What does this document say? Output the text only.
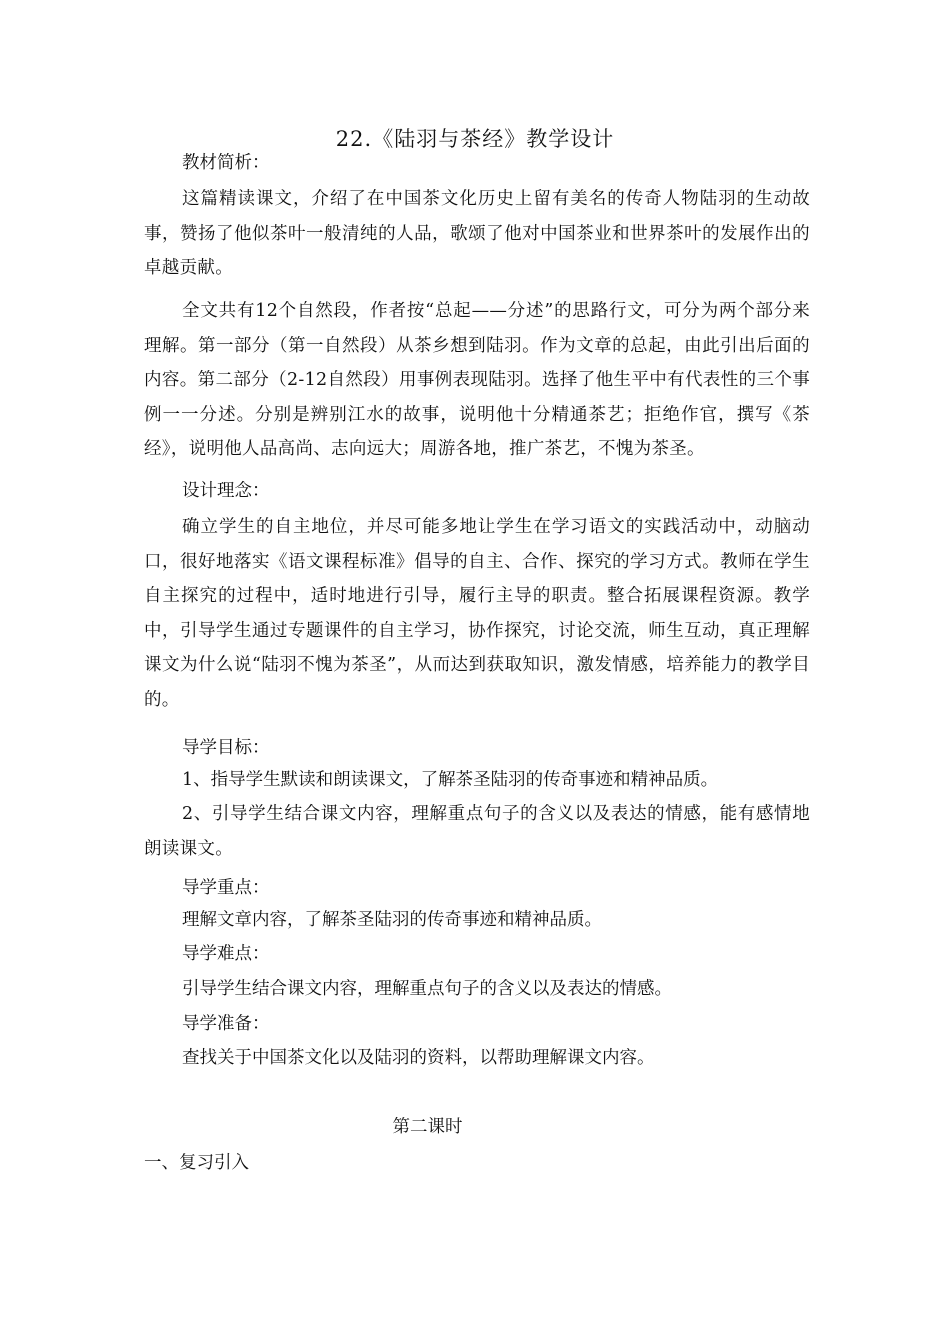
22.《陆羽与茶经》教学设计
教材简析：
这篇精读课文，介绍了在中国茶文化历史上留有美名的传奇人物陆羽的生动故事，赞扬了他似茶叶一般清纯的人品，歌颂了他对中国茶业和世界茶叶的发展作出的卓越贡献。
全文共有12个自然段，作者按“总起——分述”的思路行文，可分为两个部分来理解。第一部分（第一自然段）从茶乡想到陆羽。作为文章的总起，由此引出后面的内容。第二部分（2-12自然段）用事例表现陆羽。选择了他生平中有代表性的三个事例一一分述。分别是辨别江水的故事，说明他十分精通茶艺；拒绝作官，撰写《茶经》，说明他人品高尚、志向远大；周游各地，推广茶艺，不愧为茶圣。
设计理念：
确立学生的自主地位，并尽可能多地让学生在学习语文的实践活动中，动脑动口，很好地落实《语文课程标准》倡导的自主、合作、探究的学习方式。教师在学生自主探究的过程中，适时地进行引导，履行主导的职责。整合拓展课程资源。教学中，引导学生通过专题课件的自主学习，协作探究，讨论交流，师生互动，真正理解课文为什么说“陆羽不愧为茶圣”，从而达到获取知识，激发情感，培养能力的教学目的。
导学目标：
1、指导学生默读和朗读课文，了解茶圣陆羽的传奇事迹和精神品质。
2、引导学生结合课文内容，理解重点句子的含义以及表达的情感，能有感情地朗读课文。
导学重点：
理解文章内容，了解茶圣陆羽的传奇事迹和精神品质。
导学难点：
引导学生结合课文内容，理解重点句子的含义以及表达的情感。
导学准备：
查找关于中国茶文化以及陆羽的资料，以帮助理解课文内容。
第二课时
一、复习引入
